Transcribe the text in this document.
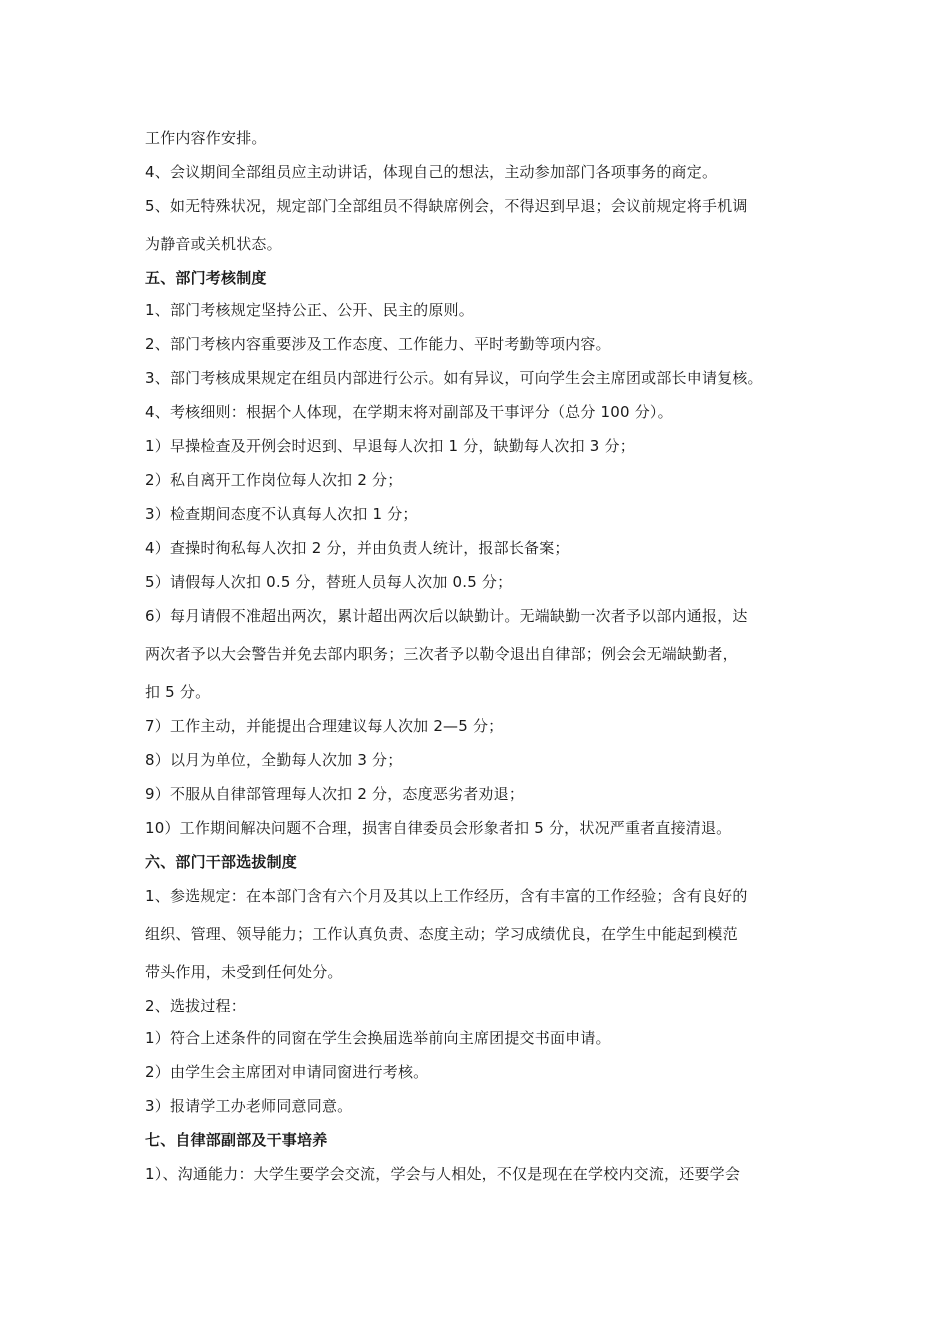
工作内容作安排。
4、会议期间全部组员应主动讲话，体现自己的想法，主动参加部门各项事务的商定。
5、如无特殊状况，规定部门全部组员不得缺席例会，不得迟到早退；会议前规定将手机调
为静音或关机状态。
五、部门考核制度
1、部门考核规定坚持公正、公开、民主的原则。
2、部门考核内容重要涉及工作态度、工作能力、平时考勤等项内容。
3、部门考核成果规定在组员内部进行公示。如有异议，可向学生会主席团或部长申请复核。
4、考核细则：根据个人体现，在学期末将对副部及干事评分（总分 100 分）。
1）早操检查及开例会时迟到、早退每人次扣 1 分，缺勤每人次扣 3 分；
2）私自离开工作岗位每人次扣 2 分；
3）检查期间态度不认真每人次扣 1 分；
4）查操时徇私每人次扣 2 分，并由负责人统计，报部长备案；
5）请假每人次扣 0.5 分，替班人员每人次加 0.5 分；
6）每月请假不准超出两次，累计超出两次后以缺勤计。无端缺勤一次者予以部内通报，达
两次者予以大会警告并免去部内职务；三次者予以勒令退出自律部；例会会无端缺勤者，
扣 5 分。
7）工作主动，并能提出合理建议每人次加 2—5 分；
8）以月为单位，全勤每人次加 3 分；
9）不服从自律部管理每人次扣 2 分，态度恶劣者劝退；
10）工作期间解决问题不合理，损害自律委员会形象者扣 5 分，状况严重者直接清退。
六、部门干部选拔制度
1、参选规定：在本部门含有六个月及其以上工作经历，含有丰富的工作经验；含有良好的
组织、管理、领导能力；工作认真负责、态度主动；学习成绩优良，在学生中能起到模范
带头作用，未受到任何处分。
2、选拔过程：
1）符合上述条件的同窗在学生会换届选举前向主席团提交书面申请。
2）由学生会主席团对申请同窗进行考核。
3）报请学工办老师同意同意。
七、自律部副部及干事培养
1）、沟通能力：大学生要学会交流，学会与人相处，不仅是现在在学校内交流，还要学会
